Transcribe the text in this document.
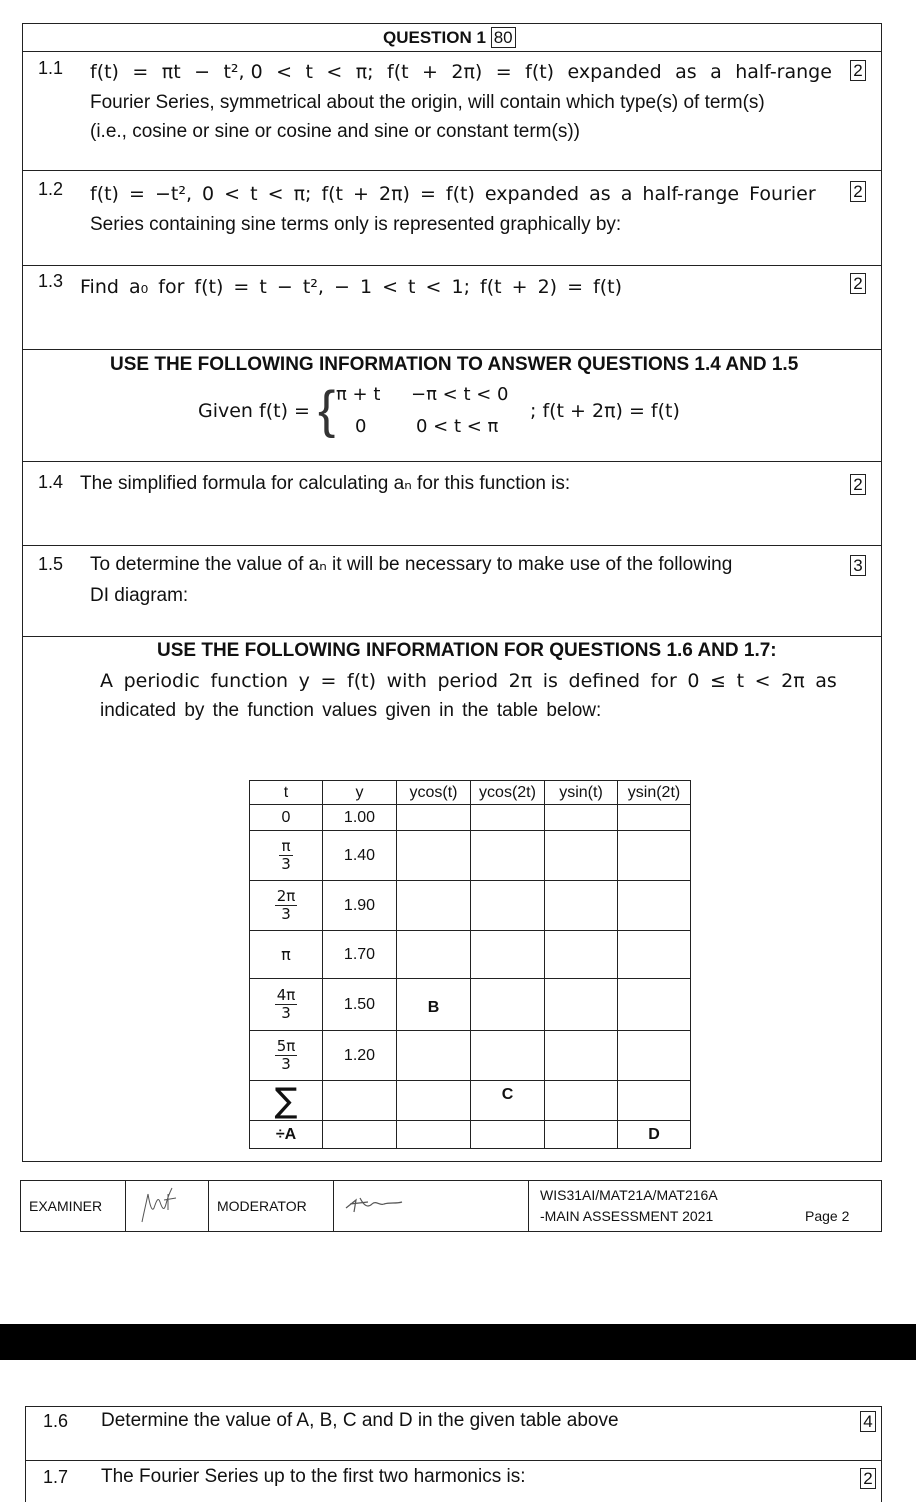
QUESTION 1 80
1.1 f(t) = πt − t², 0 < t < π; f(t + 2π) = f(t) expanded as a half-range
Fourier Series, symmetrical about the origin, will contain which type(s) of term(s)
(i.e., cosine or sine or cosine and sine or constant term(s))
2
1.2 f(t) = −t², 0 < t < π; f(t + 2π) = f(t) expanded as a half-range Fourier
Series containing sine terms only is represented graphically by:
2
1.3 Find a₀ for f(t) = t − t², − 1 < t < 1; f(t + 2) = f(t)	2
USE THE FOLLOWING INFORMATION TO ANSWER QUESTIONS 1.4 AND 1.5
Given f(t) = { π + t −π < t < 0
0	0 < t < π
; f(t + 2π) = f(t)
1.4 The simplified formula for calculating aₙ for this function is:	2
1.5 To determine the value of aₙ it will be necessary to make use of the following
DI diagram:
3
USE THE FOLLOWING INFORMATION FOR QUESTIONS 1.6 AND 1.7:
A periodic function y = f(t) with period 2π is defined for 0 ≤ t < 2π as
indicated by the function values given in the table below:
t	y	ycos(t)	ycos(2t)	ysin(t)	ysin(2t)
0	1.00				

$\frac{\pi}{3}$	1.40				

$\frac{2\pi}{3}$	1.90				
π	1.70				

$\frac{4\pi}{3}$	1.50	B			

$\frac{5\pi}{3}$	1.20				
∑			C		
÷A					D
EXAMINER	MODERATOR
WIS31AI/MAT21A/MAT216A
-MAIN ASSESSMENT 2021	Page 2
1.6 Determine the value of A, B, C and D in the given table above	4
1.7 The Fourier Series up to the first two harmonics is:	2
